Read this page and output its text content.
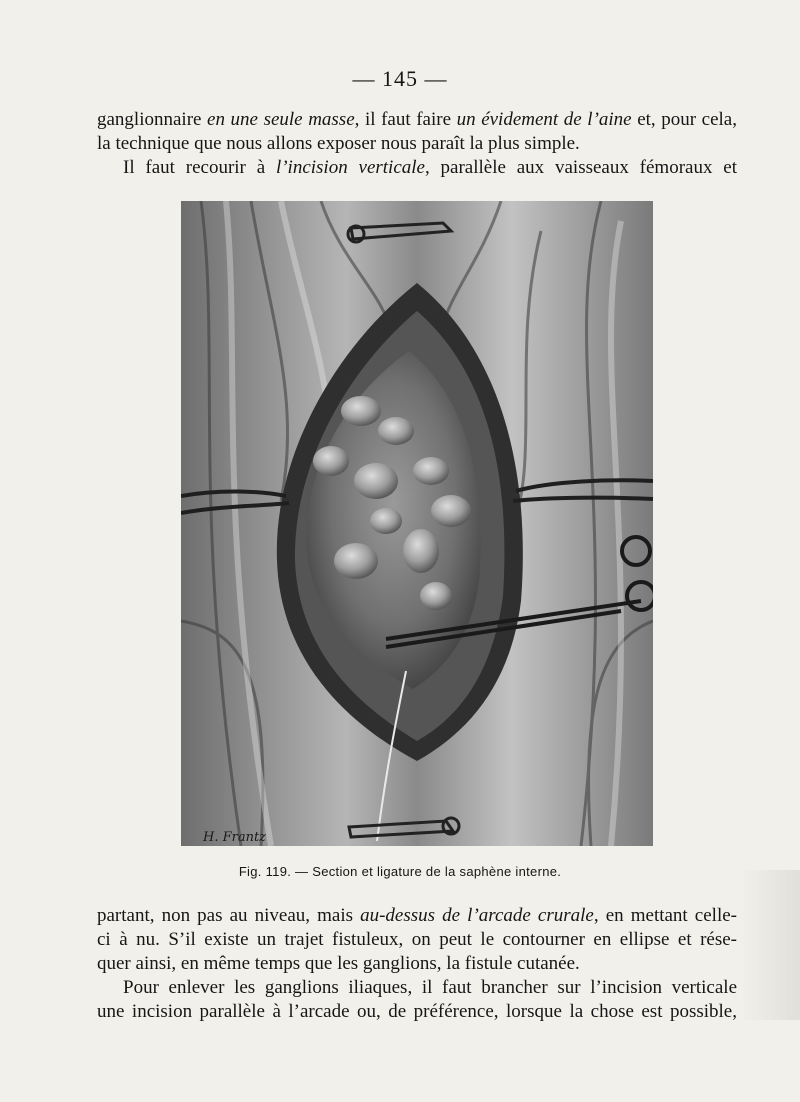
— 145 —

ganglionnaire en une seule masse, il faut faire un évidement de l’aine et, pour cela,

la technique que nous allons exposer nous paraît la plus simple.

Il faut recourir à l’incision verticale, parallèle aux vaisseaux fémoraux et

H. Frantz
Fig. 119. — Section et ligature de la saphène interne.

partant, non pas au niveau, mais au-dessus de l’arcade crurale, en mettant celle-

ci à nu. S’il existe un trajet fistuleux, on peut le contourner en ellipse et rése-

quer ainsi, en même temps que les ganglions, la fistule cutanée.

Pour enlever les ganglions iliaques, il faut brancher sur l’incision verticale

une incision parallèle à l’arcade ou, de préférence, lorsque la chose est possible,
